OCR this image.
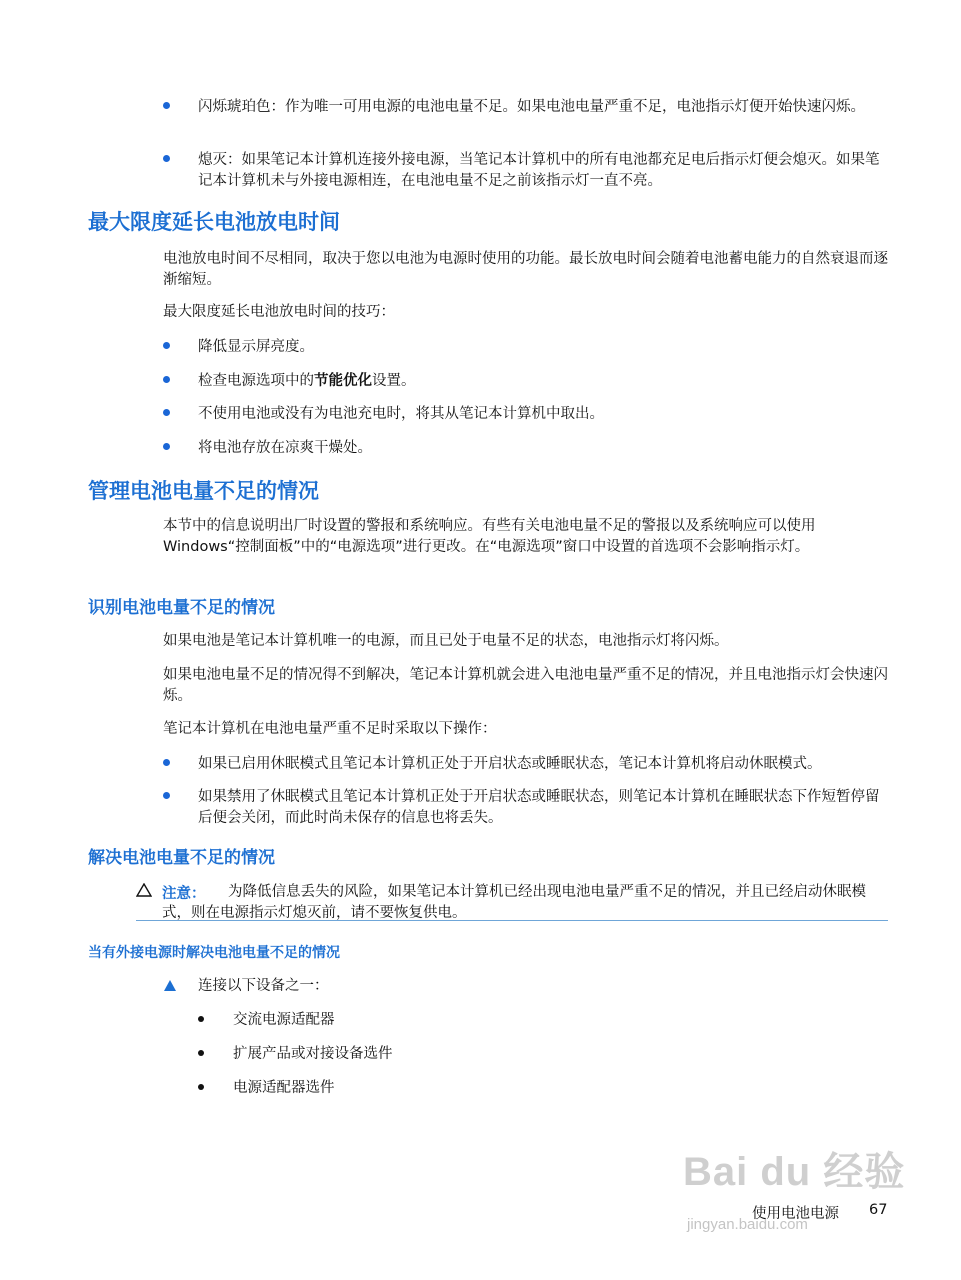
闪烁琥珀色：作为唯一可用电源的电池电量不足。如果电池电量严重不足，电池指示灯便开始快速闪烁。
熄灭：如果笔记本计算机连接外接电源，当笔记本计算机中的所有电池都充足电后指示灯便会熄灭。如果笔记本计算机未与外接电源相连，在电池电量不足之前该指示灯一直不亮。
最大限度延长电池放电时间
电池放电时间不尽相同，取决于您以电池为电源时使用的功能。最长放电时间会随着电池蓄电能力的自然衰退而逐渐缩短。
最大限度延长电池放电时间的技巧：
降低显示屏亮度。
检查电源选项中的节能优化设置。
不使用电池或没有为电池充电时，将其从笔记本计算机中取出。
将电池存放在凉爽干燥处。
管理电池电量不足的情况
本节中的信息说明出厂时设置的警报和系统响应。有些有关电池电量不足的警报以及系统响应可以使用 Windows“控制面板”中的“电源选项”进行更改。在“电源选项”窗口中设置的首选项不会影响指示灯。
识别电池电量不足的情况
如果电池是笔记本计算机唯一的电源，而且已处于电量不足的状态，电池指示灯将闪烁。
如果电池电量不足的情况得不到解决，笔记本计算机就会进入电池电量严重不足的情况，并且电池指示灯会快速闪烁。
笔记本计算机在电池电量严重不足时采取以下操作：
如果已启用休眠模式且笔记本计算机正处于开启状态或睡眠状态，笔记本计算机将启动休眠模式。
如果禁用了休眠模式且笔记本计算机正处于开启状态或睡眠状态，则笔记本计算机在睡眠状态下作短暂停留后便会关闭，而此时尚未保存的信息也将丢失。
解决电池电量不足的情况
注意：	为降低信息丢失的风险，如果笔记本计算机已经出现电池电量严重不足的情况，并且已经启动休眠模式，则在电源指示灯熄灭前，请不要恢复供电。
当有外接电源时解决电池电量不足的情况
连接以下设备之一：
交流电源适配器
扩展产品或对接设备选件
电源适配器选件
Bai du 经验
jingyan.baidu.com
使用电池电源 67
